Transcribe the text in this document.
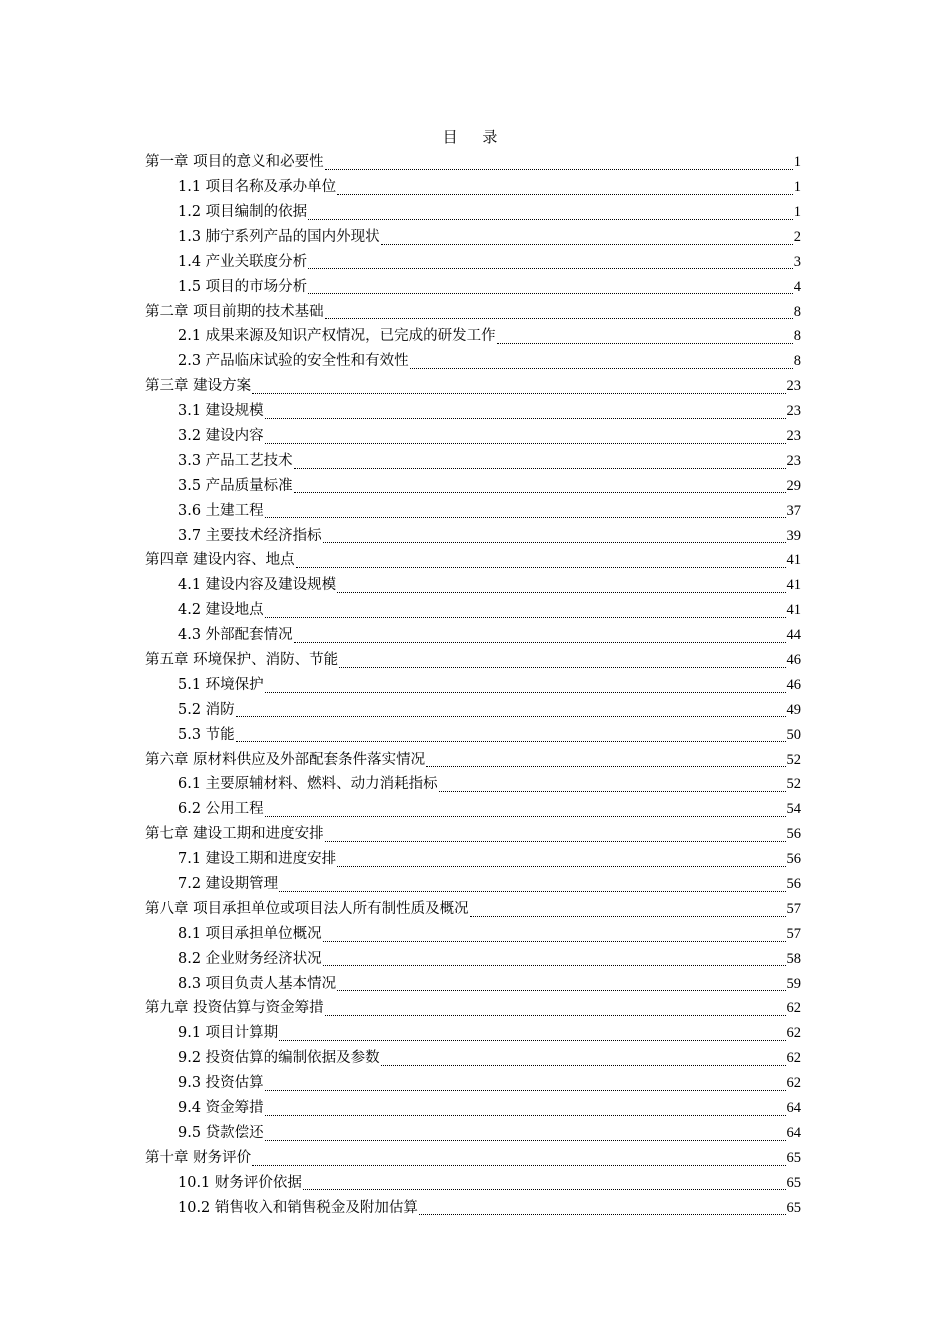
目 录
第一章 项目的意义和必要性	1
1.1 项目名称及承办单位	1
1.2 项目编制的依据	1
1.3 肺宁系列产品的国内外现状	2
1.4 产业关联度分析	3
1.5 项目的市场分析	4
第二章 项目前期的技术基础	8
2.1 成果来源及知识产权情况，已完成的研发工作	8
2.3 产品临床试验的安全性和有效性	8
第三章 建设方案	23
3.1 建设规模	23
3.2 建设内容	23
3.3 产品工艺技术	23
3.5 产品质量标准	29
3.6 土建工程	37
3.7 主要技术经济指标	39
第四章 建设内容、地点	41
4.1 建设内容及建设规模	41
4.2 建设地点	41
4.3 外部配套情况	44
第五章 环境保护、消防、节能	46
5.1 环境保护	46
5.2 消防	49
5.3 节能	50
第六章 原材料供应及外部配套条件落实情况	52
6.1 主要原辅材料、燃料、动力消耗指标	52
6.2 公用工程	54
第七章 建设工期和进度安排	56
7.1 建设工期和进度安排	56
7.2 建设期管理	56
第八章 项目承担单位或项目法人所有制性质及概况	57
8.1 项目承担单位概况	57
8.2 企业财务经济状况	58
8.3 项目负责人基本情况	59
第九章 投资估算与资金筹措	62
9.1 项目计算期	62
9.2 投资估算的编制依据及参数	62
9.3 投资估算	62
9.4 资金筹措	64
9.5 贷款偿还	64
第十章 财务评价	65
10.1 财务评价依据	65
10.2 销售收入和销售税金及附加估算	65
